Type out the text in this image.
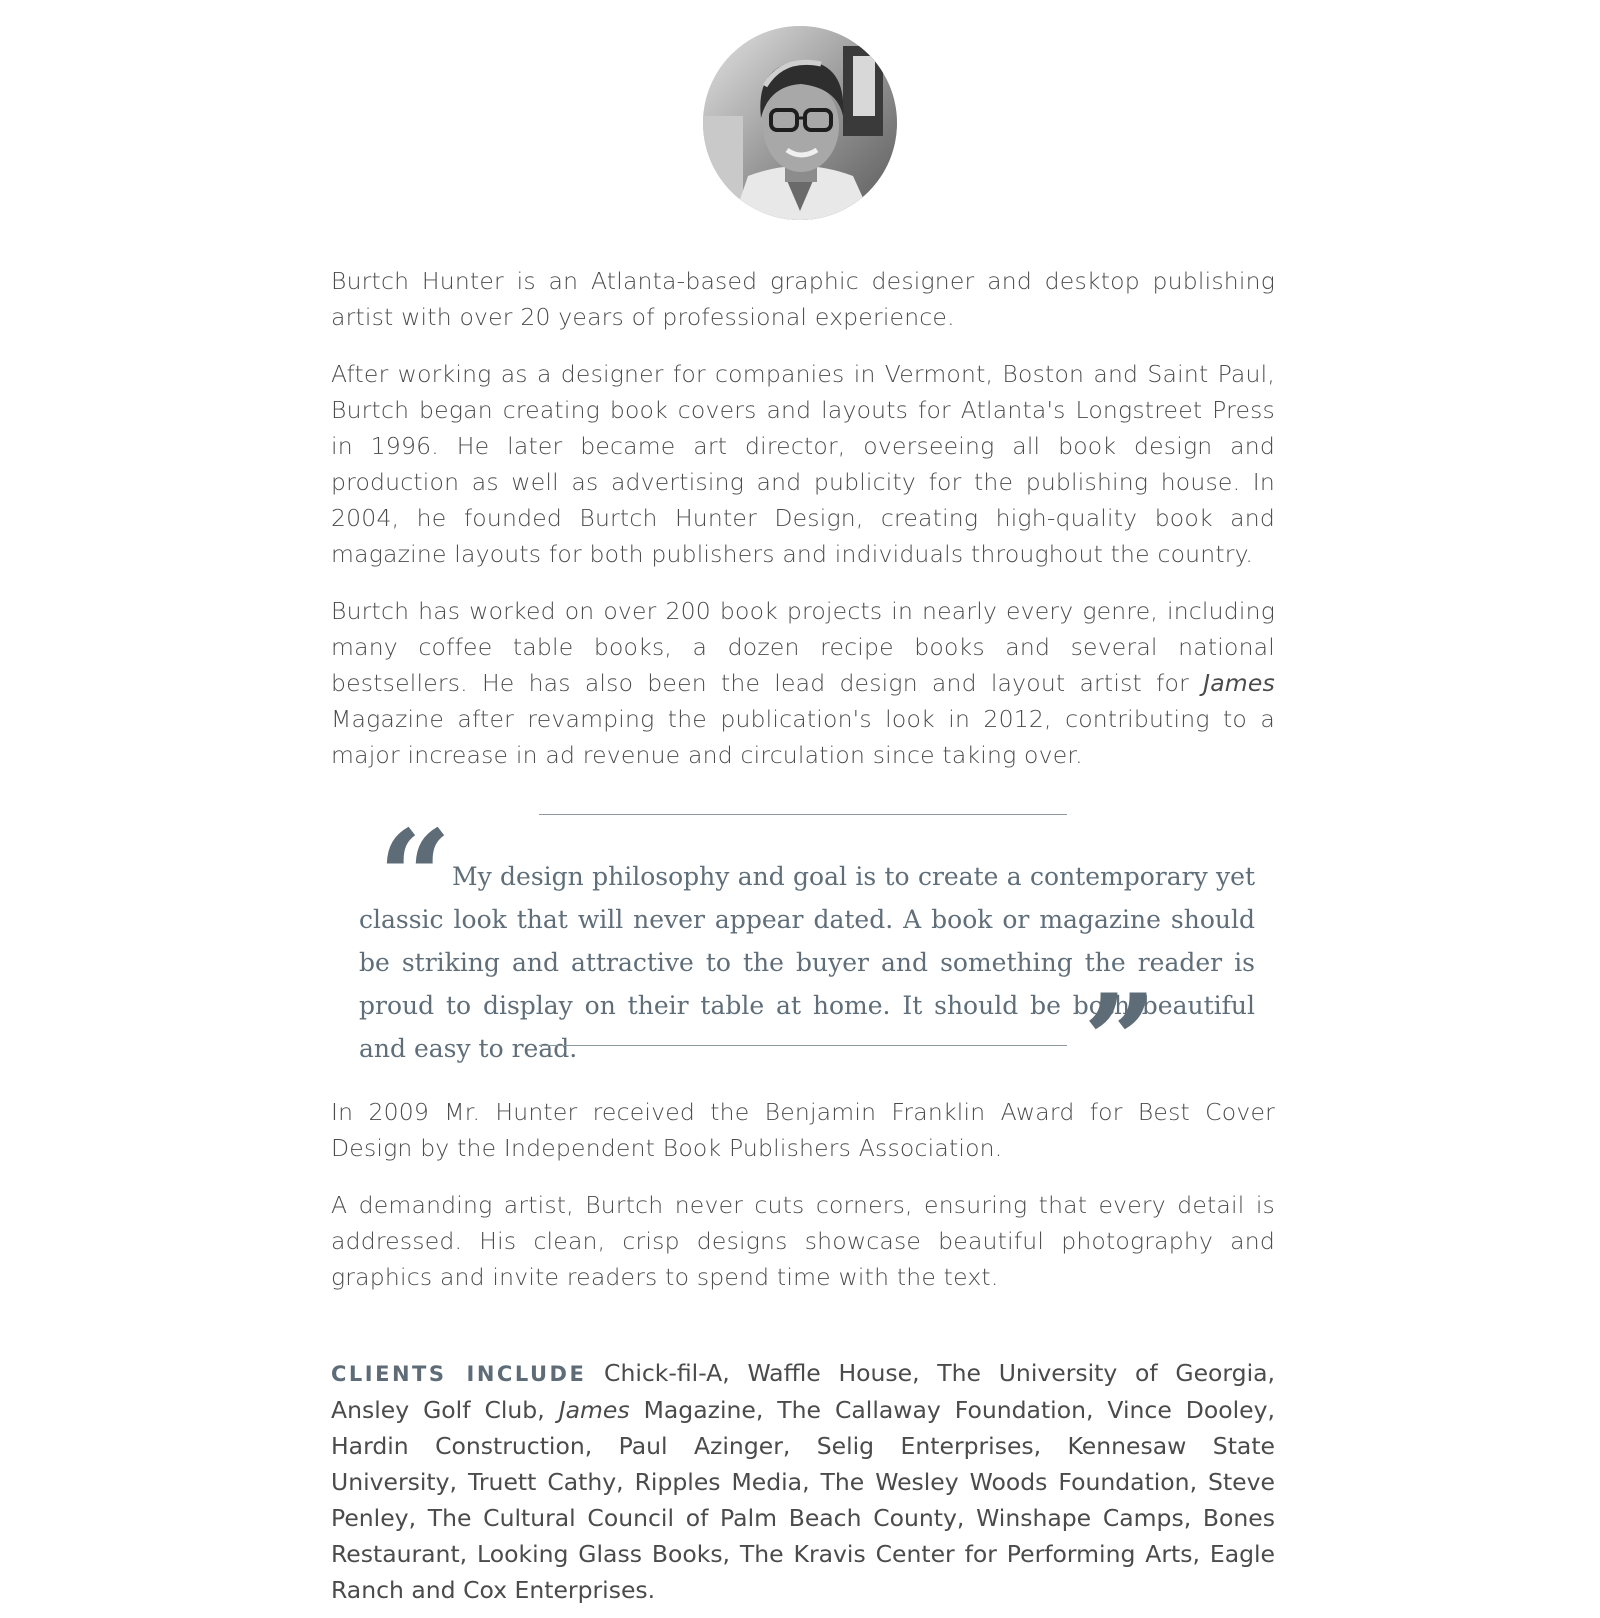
Burtch Hunter is an Atlanta-based graphic designer and desktop publishing artist with over 20 years of professional experience.

After working as a designer for companies in Vermont, Boston and Saint Paul, Burtch began creating book covers and layouts for Atlanta's Longstreet Press in 1996. He later became art director, overseeing all book design and production as well as advertising and publicity for the publishing house. In 2004, he founded Burtch Hunter Design, creating high-quality book and magazine layouts for both publishers and individuals throughout the country.

Burtch has worked on over 200 book projects in nearly every genre, including many coffee table books, a dozen recipe books and several national bestsellers. He has also been the lead design and layout artist for James Magazine after revamping the publication's look in 2012, contributing to a major increase in ad revenue and circulation since taking over.

“ My design philosophy and goal is to create a contemporary yet classic look that will never appear dated. A book or magazine should be striking and attractive to the buyer and something the reader is proud to display on their table at home. It should be both beautiful and easy to read.	”

In 2009 Mr. Hunter received the Benjamin Franklin Award for Best Cover Design by the Independent Book Publishers Association.

A demanding artist, Burtch never cuts corners, ensuring that every detail is addressed. His clean, crisp designs showcase beautiful photography and graphics and invite readers to spend time with the text.

CLIENTS INCLUDE Chick-fil-A, Waffle House, The University of Georgia, Ansley Golf Club, James Magazine, The Callaway Foundation, Vince Dooley, Hardin Construction, Paul Azinger, Selig Enterprises, Kennesaw State University, Truett Cathy, Ripples Media, The Wesley Woods Foundation, Steve Penley, The Cultural Council of Palm Beach County, Winshape Camps, Bones Restaurant, Looking Glass Books, The Kravis Center for Performing Arts, Eagle Ranch and Cox Enterprises.
